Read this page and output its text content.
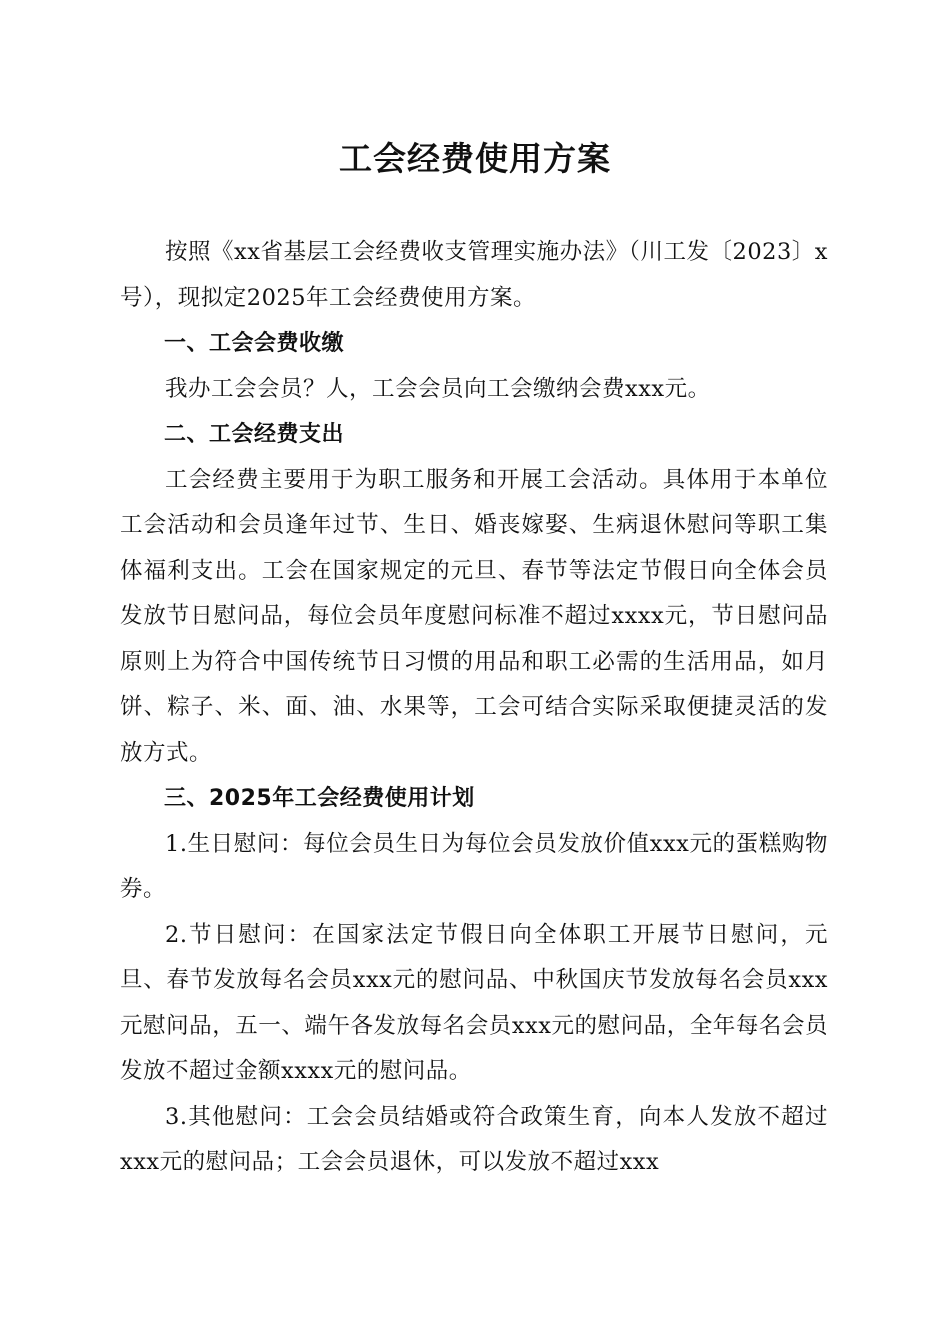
工会经费使用方案

按照《xx省基层工会经费收支管理实施办法》（川工发〔2023〕x号），现拟定2025年工会经费使用方案。

一、工会会费收缴

我办工会会员？人，工会会员向工会缴纳会费xxx元。

二、工会经费支出

工会经费主要用于为职工服务和开展工会活动。具体用于本单位工会活动和会员逢年过节、生日、婚丧嫁娶、生病退休慰问等职工集体福利支出。工会在国家规定的元旦、春节等法定节假日向全体会员发放节日慰问品，每位会员年度慰问标准不超过xxxx元，节日慰问品原则上为符合中国传统节日习惯的用品和职工必需的生活用品，如月饼、粽子、米、面、油、水果等，工会可结合实际采取便捷灵活的发放方式。

三、2025年工会经费使用计划

1.生日慰问：每位会员生日为每位会员发放价值xxx元的蛋糕购物券。

2.节日慰问：在国家法定节假日向全体职工开展节日慰问，元旦、春节发放每名会员xxx元的慰问品、中秋国庆节发放每名会员xxx元慰问品，五一、端午各发放每名会员xxx元的慰问品，全年每名会员发放不超过金额xxxx元的慰问品。

3.其他慰问：工会会员结婚或符合政策生育，向本人发放不超过xxx元的慰问品；工会会员退休，可以发放不超过xxx
